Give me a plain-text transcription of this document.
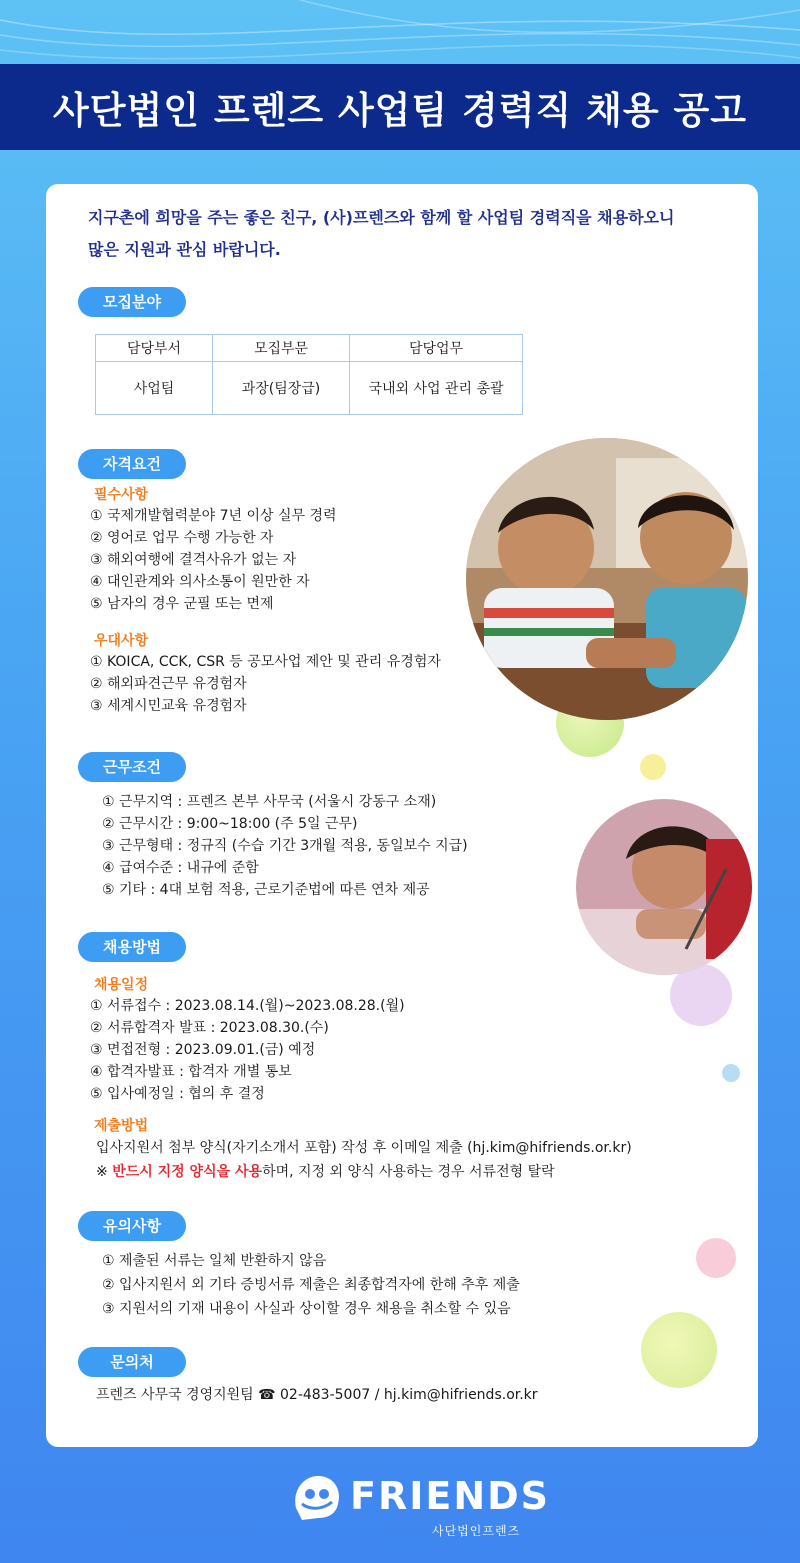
사단법인 프렌즈 사업팀 경력직 채용 공고
지구촌에 희망을 주는 좋은 친구, (사)프렌즈와 함께 할 사업팀 경력직을 채용하오니
많은 지원과 관심 바랍니다.
모집분야
담당부서	모집부문	담당업무
사업팀	과장(팀장급)	국내외 사업 관리 총괄
자격요건
필수사항
① 국제개발협력분야 7년 이상 실무 경력
② 영어로 업무 수행 가능한 자
③ 해외여행에 결격사유가 없는 자
④ 대인관계와 의사소통이 원만한 자
⑤ 남자의 경우 군필 또는 면제
우대사항
① KOICA, CCK, CSR 등 공모사업 제안 및 관리 유경험자
② 해외파견근무 유경험자
③ 세계시민교육 유경험자
근무조건
① 근무지역 : 프렌즈 본부 사무국 (서울시 강동구 소재)
② 근무시간 : 9:00~18:00 (주 5일 근무)
③ 근무형태 : 정규직 (수습 기간 3개월 적용, 동일보수 지급)
④ 급여수준 : 내규에 준함
⑤ 기타 : 4대 보험 적용, 근로기준법에 따른 연차 제공
채용방법
채용일정
① 서류접수 : 2023.08.14.(월)~2023.08.28.(월)
② 서류합격자 발표 : 2023.08.30.(수)
③ 면접전형 : 2023.09.01.(금) 예정
④ 합격자발표 : 합격자 개별 통보
⑤ 입사예정일 : 협의 후 결정
제출방법
입사지원서 첨부 양식(자기소개서 포함) 작성 후 이메일 제출 (hj.kim@hifriends.or.kr)
※ 반드시 지정 양식을 사용하며, 지정 외 양식 사용하는 경우 서류전형 탈락
유의사항
① 제출된 서류는 일체 반환하지 않음
② 입사지원서 외 기타 증빙서류 제출은 최종합격자에 한해 추후 제출
③ 지원서의 기재 내용이 사실과 상이할 경우 채용을 취소할 수 있음
문의처
프렌즈 사무국 경영지원팀 ☎ 02-483-5007 / hj.kim@hifriends.or.kr
FRIENDS
사단법인프렌즈
